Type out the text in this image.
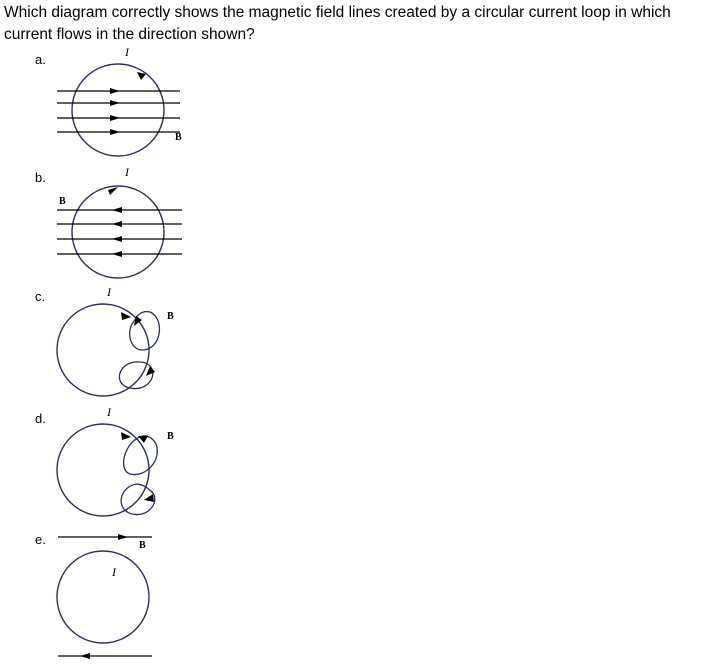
Which diagram correctly shows the magnetic field lines created by a circular current loop in which current flows in the direction shown?

a.
b.
c.
d.
e.
I
I
I
I
I
B
B
B
B
B
